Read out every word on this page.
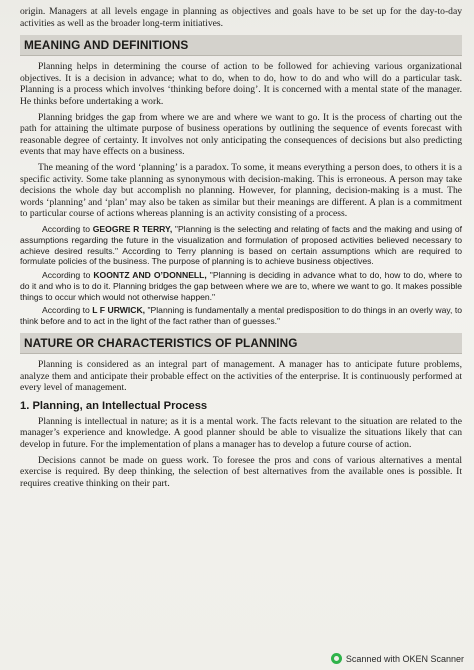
origin. Managers at all levels engage in planning as objectives and goals have to be set up for the day-to-day activities as well as the broader long-term initiatives.

MEANING AND DEFINITIONS

Planning helps in determining the course of action to be followed for achieving various organizational objectives. It is a decision in advance; what to do, when to do, how to do and who will do a particular task. Planning is a process which involves ‘thinking before doing’. It is concerned with a mental state of the manager. He thinks before undertaking a work.

Planning bridges the gap from where we are and where we want to go. It is the process of charting out the path for attaining the ultimate purpose of business operations by outlining the sequence of events forecast with reasonable degree of certainty. It involves not only anticipating the consequences of decisions but also predicting events that may have effects on a business.

The meaning of the word ‘planning’ is a paradox. To some, it means everything a person does, to others it is a specific activity. Some take planning as synonymous with decision-making. This is erroneous. A person may take decisions the whole day but accomplish no planning. However, for planning, decision-making is a must. The words ‘planning’ and ‘plan’ may also be taken as similar but their meanings are different. A plan is a commitment to particular course of actions whereas planning is an activity consisting of a process.

According to GEOGRE R TERRY, "Planning is the selecting and relating of facts and the making and using of assumptions regarding the future in the visualization and formulation of proposed activities believed necessary to achieve desired results." According to Terry planning is based on certain assumptions which are required to formulate policies of the business. The purpose of planning is to achieve business objectives.

According to KOONTZ AND O’DONNELL, "Planning is deciding in advance what to do, how to do, where to do it and who is to do it. Planning bridges the gap between where we are to, where we want to go. It makes possible things to occur which would not otherwise happen."

According to L F URWICK, "Planning is fundamentally a mental predisposition to do things in an overly way, to think before and to act in the light of the fact rather than of guesses."

NATURE OR CHARACTERISTICS OF PLANNING

Planning is considered as an integral part of management. A manager has to anticipate future problems, analyze them and anticipate their probable effect on the activities of the enterprise. It is continuously performed at every level of management.

1. Planning, an Intellectual Process

Planning is intellectual in nature; as it is a mental work. The facts relevant to the situation are related to the manager’s experience and knowledge. A good planner should be able to visualize the situations likely that can develop in future. For the implementation of plans a manager has to develop a future course of action.

Decisions cannot be made on guess work. To foresee the pros and cons of various alternatives a mental exercise is required. By deep thinking, the selection of best alternatives from the available ones is possible. It requires creative thinking on their part.

Scanned with OKEN Scanner
